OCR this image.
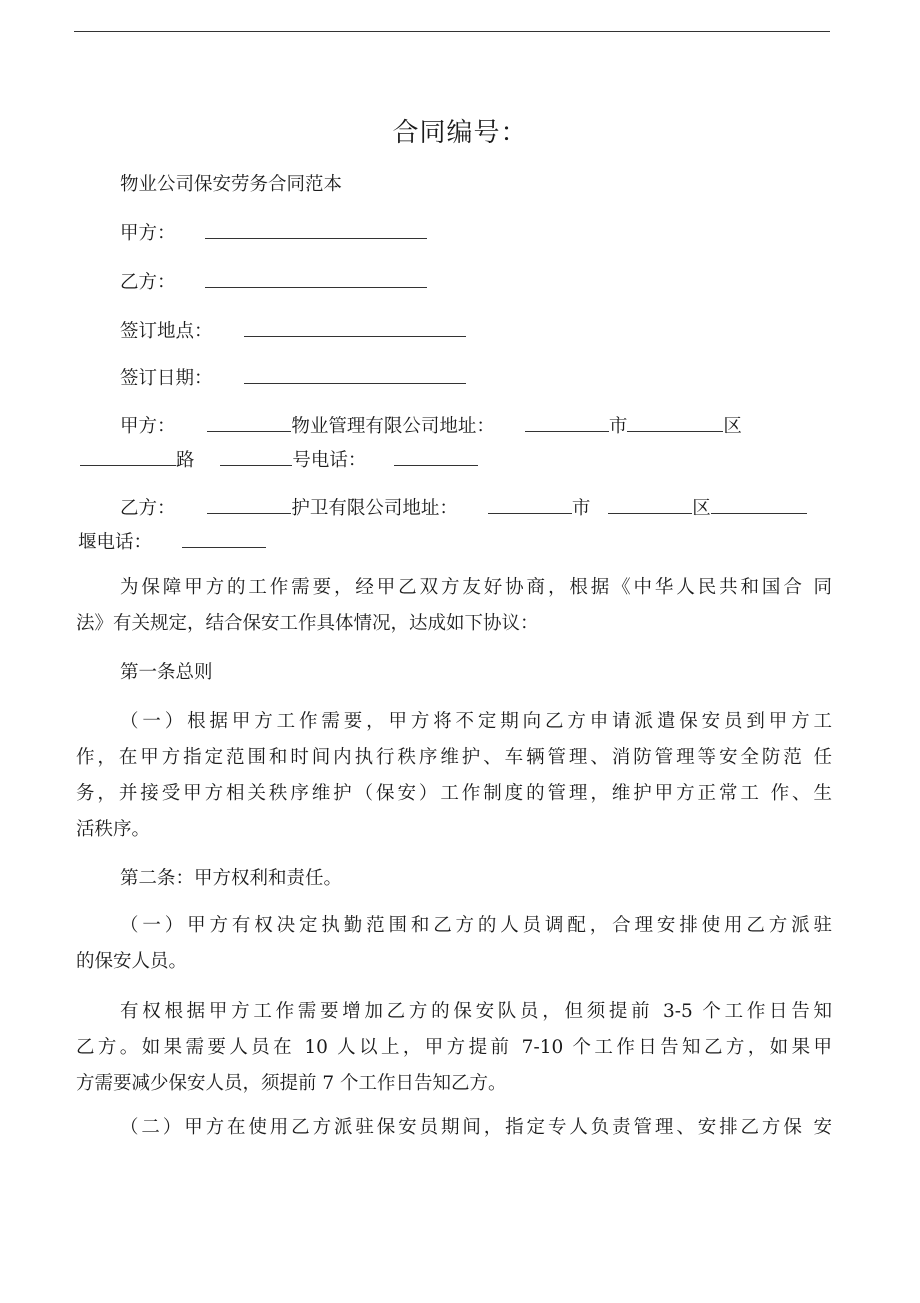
合同编号：
物业公司保安劳务合同范本
甲方：
乙方：
签订地点：
签订日期：
甲方：	物业管理有限公司地址：	市	区
路	号电话：
乙方：	护卫有限公司地址：	市	区
堰电话：
为保障甲方的工作需要，经甲乙双方友好协商，根据《中华人民共和国合 同
法》有关规定，结合保安工作具体情况，达成如下协议：
第一条总则
（一）根据甲方工作需要，甲方将不定期向乙方申请派遣保安员到甲方工
作，在甲方指定范围和时间内执行秩序维护、车辆管理、消防管理等安全防范 任
务，并接受甲方相关秩序维护（保安）工作制度的管理，维护甲方正常工 作、生
活秩序。
第二条：甲方权利和责任。
（一）甲方有权决定执勤范围和乙方的人员调配，合理安排使用乙方派驻
的保安人员。
有权根据甲方工作需要增加乙方的保安队员，但须提前 3-5 个工作日告知
乙方。如果需要人员在 10 人以上，甲方提前 7-10 个工作日告知乙方，如果甲
方需要减少保安人员，须提前 7 个工作日告知乙方。
（二）甲方在使用乙方派驻保安员期间，指定专人负责管理、安排乙方保 安
